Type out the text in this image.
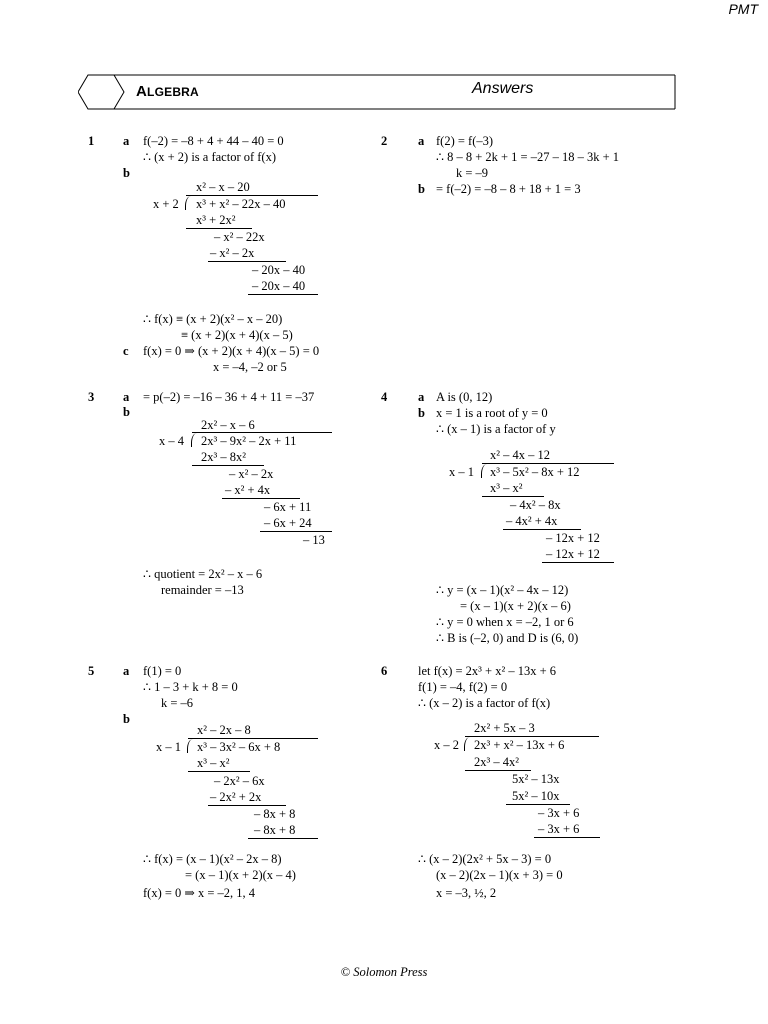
PMT
ALGEBRA	Answers
1 a f(–2) = –8 + 4 + 44 – 40 = 0
∴ (x + 2) is a factor of f(x)
b
x² – x – 20
x + 2 x³ + x² – 22x – 40
x³ + 2x²
– x² – 22x
– x² – 2x
– 20x – 40
– 20x – 40
∴ f(x) ≡ (x + 2)(x² – x – 20)
≡ (x + 2)(x + 4)(x – 5)
c f(x) = 0 ⇒ (x + 2)(x + 4)(x – 5) = 0
x = –4, –2 or 5
2 a f(2) = f(–3)
∴ 8 – 8 + 2k + 1 = –27 – 18 – 3k + 1
k = –9
b = f(–2) = –8 – 8 + 18 + 1 = 3
3 a = p(–2) = –16 – 36 + 4 + 11 = –37
b
2x² – x – 6
x – 4 2x³ – 9x² – 2x + 11
2x³ – 8x²
– x² – 2x
– x² + 4x
– 6x + 11
– 6x + 24
– 13
∴ quotient = 2x² – x – 6
remainder = –13
4 a A is (0, 12)
b x = 1 is a root of y = 0
∴ (x – 1) is a factor of y
x² – 4x – 12
x – 1 x³ – 5x² – 8x + 12
x³ – x²
– 4x² – 8x
– 4x² + 4x
– 12x + 12
– 12x + 12
∴ y = (x – 1)(x² – 4x – 12)
= (x – 1)(x + 2)(x – 6)
∴ y = 0 when x = –2, 1 or 6
∴ B is (–2, 0) and D is (6, 0)
5 a f(1) = 0
∴ 1 – 3 + k + 8 = 0
k = –6
b
x² – 2x – 8
x – 1 x³ – 3x² – 6x + 8
x³ – x²
– 2x² – 6x
– 2x² + 2x
– 8x + 8
– 8x + 8
∴ f(x) = (x – 1)(x² – 2x – 8)
= (x – 1)(x + 2)(x – 4)
f(x) = 0 ⇒ x = –2, 1, 4
6 let f(x) = 2x³ + x² – 13x + 6
f(1) = –4, f(2) = 0
∴ (x – 2) is a factor of f(x)
2x² + 5x – 3
x – 2 2x³ + x² – 13x + 6
2x³ – 4x²
5x² – 13x
5x² – 10x
– 3x + 6
– 3x + 6
∴ (x – 2)(2x² + 5x – 3) = 0
(x – 2)(2x – 1)(x + 3) = 0
x = –3, ½, 2
© Solomon Press
